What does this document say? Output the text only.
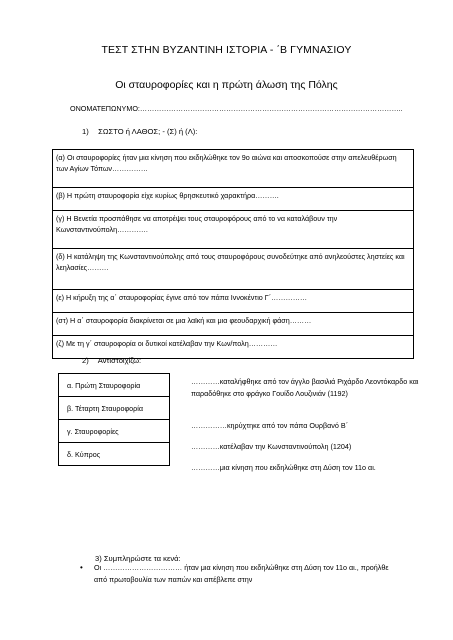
ΤΕΣΤ ΣΤΗΝ ΒΥΖΑΝΤΙΝΗ ΙΣΤΟΡΙΑ - ΄Β ΓΥΜΝΑΣΙΟΥ
Οι σταυροφορίες και η πρώτη άλωση της Πόλης
ΟΝΟΜΑΤΕΠΩΝΥΜΟ:………………………………………………………………………………………………..
1) ΣΩΣΤΟ ή ΛΑΘΟΣ; - (Σ) ή (Λ):
(α) Οι σταυροφορίες ήταν μια κίνηση που εκδηλώθηκε τον 9ο αιώνα και αποσκοπούσε στην απελευθέρωση των Αγίων Τόπων……………
(β) Η πρώτη σταυροφορία είχε κυρίως θρησκευτικό χαρακτήρα……….
(γ) Η Βενετία προσπάθησε να αποτρέψει τους σταυροφόρους από το να καταλάβουν την Κωνσταντινούπολη………….
(δ) Η κατάληψη της Κωνσταντινούπολης από τους σταυροφόρους συνοδεύτηκε από ανηλεούστες ληστείες και λεηλασίες………
(ε) Η κήρυξη της α΄ σταυροφορίας έγινε από τον πάπα Ιννοκέντιο Γ΄……………
(στ) Η α΄ σταυροφορία διακρίνεται σε μια λαϊκή και μια φεουδαρχική φάση………
(ζ) Με τη γ΄ σταυροφορία οι δυτικοί κατέλαβαν την Κων/πολη…………
2) Αντιστοιχίζω:
α. Πρώτη Σταυροφορία
β. Τέταρτη Σταυροφορία
γ. Σταυροφορίες
δ. Κύπρος
…………καταλήφθηκε από τον άγγλο βασιλιά Ριχάρδο Λεοντόκαρδο και παραδόθηκε στο φράγκο Γουίδο Λουζινιάν (1192)
……………κηρύχτηκε από τον πάπα Ουρβανό Β΄
…………κατέλαβαν την Κωνσταντινούπολη (1204)
…………μια κίνηση που εκδηλώθηκε στη Δύση τον 11ο αι.
3) Συμπληρώστε τα κενά:
• Οι …………………………… ήταν μια κίνηση που εκδηλώθηκε στη Δύση τον 11ο αι., προήλθε από πρωτοβουλία των παπών και απέβλεπε στην
